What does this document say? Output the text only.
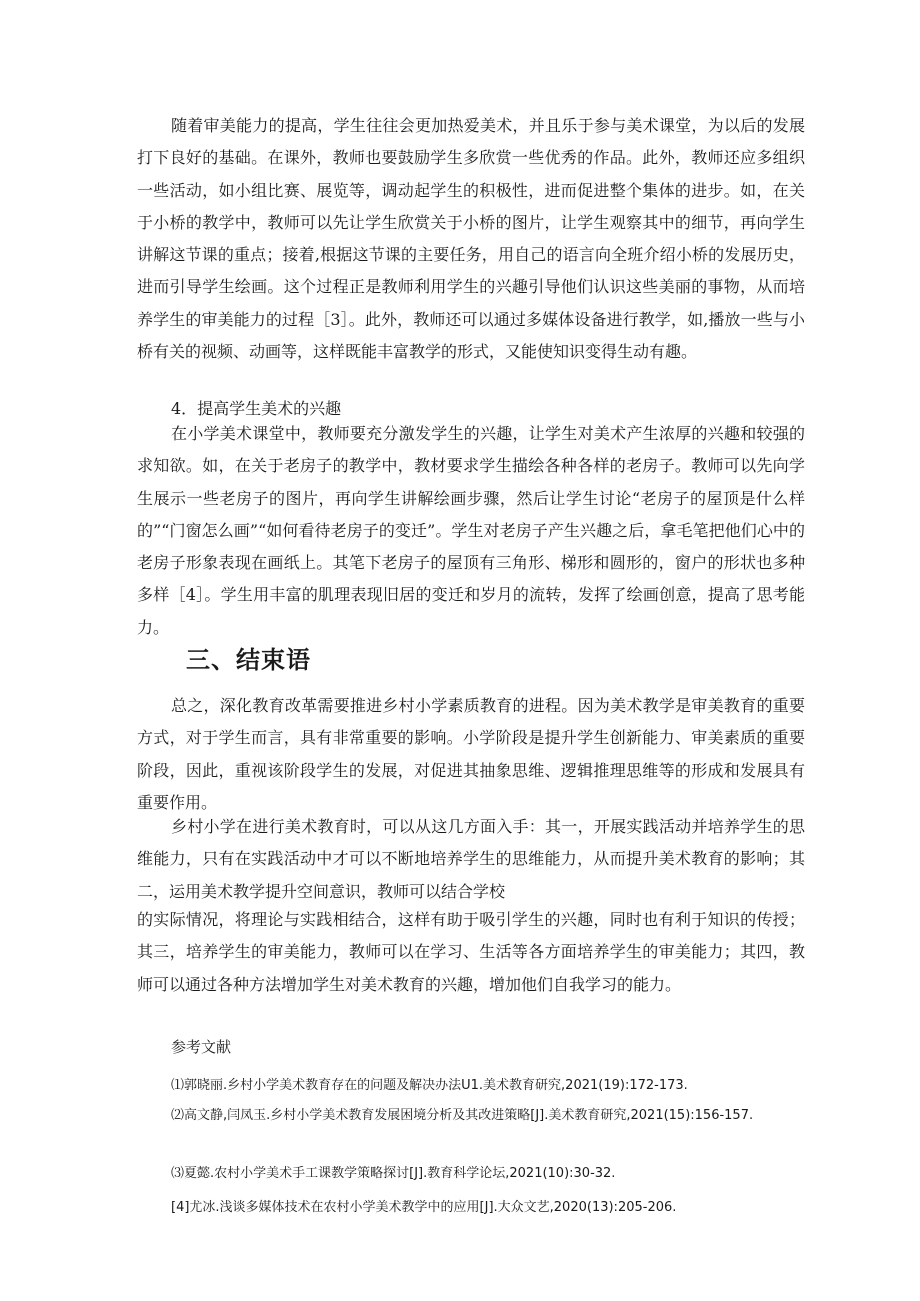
随着审美能力的提高，学生往往会更加热爱美术，并且乐于参与美术课堂，为以后的发展打下良好的基础。在课外，教师也要鼓励学生多欣赏一些优秀的作品。此外，教师还应多组织一些活动，如小组比赛、展览等，调动起学生的积极性，进而促进整个集体的进步。如，在关于小桥的教学中，教师可以先让学生欣赏关于小桥的图片，让学生观察其中的细节，再向学生讲解这节课的重点；接着,根据这节课的主要任务，用自己的语言向全班介绍小桥的发展历史，进而引导学生绘画。这个过程正是教师利用学生的兴趣引导他们认识这些美丽的事物，从而培养学生的审美能力的过程［3］。此外，教师还可以通过多媒体设备进行教学，如,播放一些与小桥有关的视频、动画等，这样既能丰富教学的形式，又能使知识变得生动有趣。

4．提高学生美术的兴趣

在小学美术课堂中，教师要充分激发学生的兴趣，让学生对美术产生浓厚的兴趣和较强的求知欲。如，在关于老房子的教学中，教材要求学生描绘各种各样的老房子。教师可以先向学生展示一些老房子的图片，再向学生讲解绘画步骤，然后让学生讨论“老房子的屋顶是什么样的”“门窗怎么画”“如何看待老房子的变迁”。学生对老房子产生兴趣之后，拿毛笔把他们心中的老房子形象表现在画纸上。其笔下老房子的屋顶有三角形、梯形和圆形的，窗户的形状也多种多样［4］。学生用丰富的肌理表现旧居的变迁和岁月的流转，发挥了绘画创意，提高了思考能力。

三、结束语

总之，深化教育改革需要推进乡村小学素质教育的进程。因为美术教学是审美教育的重要方式，对于学生而言，具有非常重要的影响。小学阶段是提升学生创新能力、审美素质的重要阶段，因此，重视该阶段学生的发展，对促进其抽象思维、逻辑推理思维等的形成和发展具有重要作用。

乡村小学在进行美术教育时，可以从这几方面入手：其一，开展实践活动并培养学生的思维能力，只有在实践活动中才可以不断地培养学生的思维能力，从而提升美术教育的影响；其二，运用美术教学提升空间意识，教师可以结合学校

的实际情况，将理论与实践相结合，这样有助于吸引学生的兴趣，同时也有利于知识的传授；其三，培养学生的审美能力，教师可以在学习、生活等各方面培养学生的审美能力；其四，教师可以通过各种方法增加学生对美术教育的兴趣，增加他们自我学习的能力。

参考文献

⑴郭晓丽.乡村小学美术教育存在的问题及解决办法U1.美术教育研究,2021(19):172-173.

⑵高文静,闫凤玉.乡村小学美术教育发展困境分析及其改进策略[J].美术教育研究,2021(15):156-157.

⑶夏懿.农村小学美术手工课教学策略探讨[J].教育科学论坛,2021(10):30-32.

[4]尤冰.浅谈多媒体技术在农村小学美术教学中的应用[J].大众文艺,2020(13):205-206.
